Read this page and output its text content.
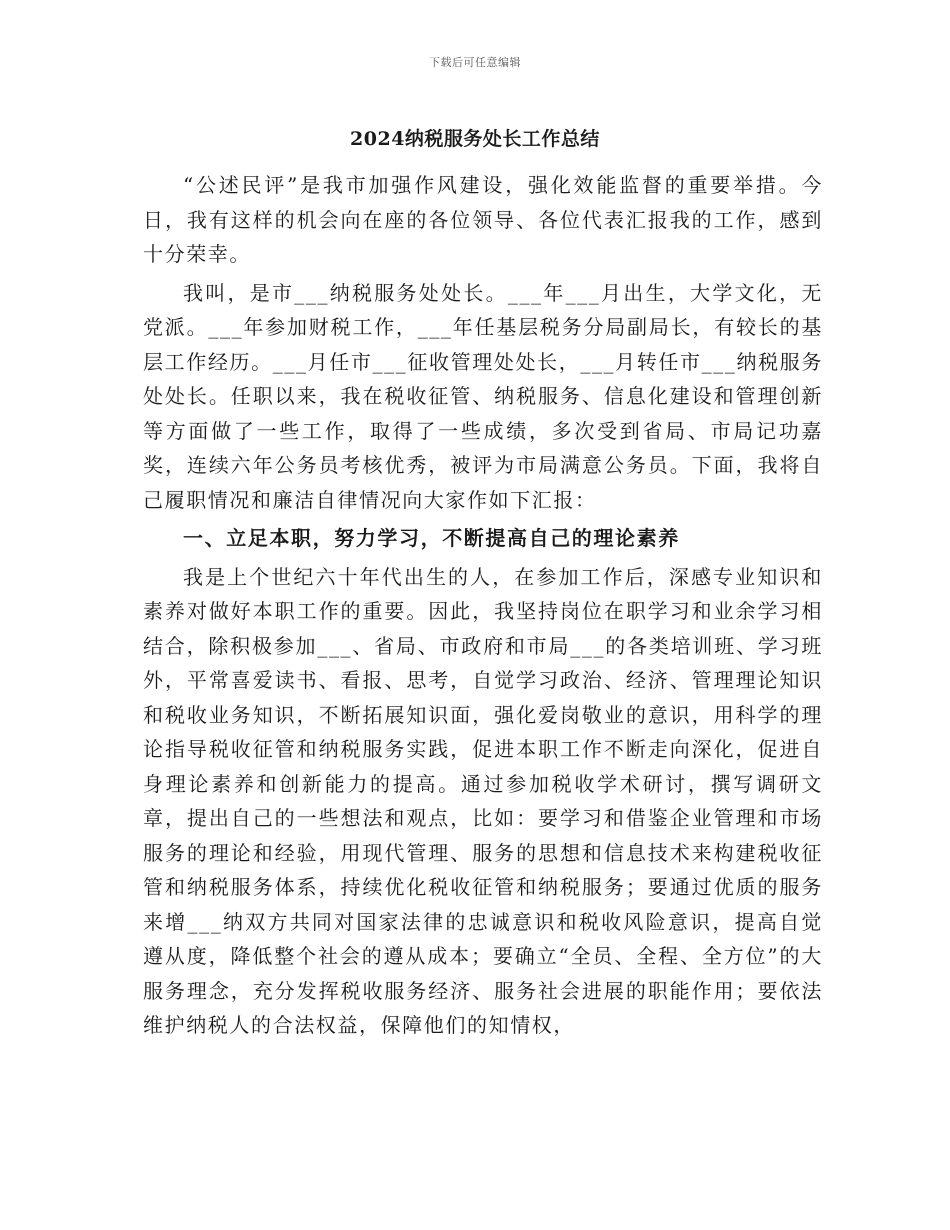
下载后可任意编辑
2024纳税服务处长工作总结

“公述民评”是我市加强作风建设，强化效能监督的重要举措。今日，我有这样的机会向在座的各位领导、各位代表汇报我的工作，感到十分荣幸。

我叫，是市___纳税服务处处长。___年___月出生，大学文化，无党派。___年参加财税工作，___年任基层税务分局副局长，有较长的基层工作经历。___月任市___征收管理处处长，___月转任市___纳税服务处处长。任职以来，我在税收征管、纳税服务、信息化建设和管理创新等方面做了一些工作，取得了一些成绩，多次受到省局、市局记功嘉奖，连续六年公务员考核优秀，被评为市局满意公务员。下面，我将自己履职情况和廉洁自律情况向大家作如下汇报：

一、立足本职，努力学习，不断提高自己的理论素养

我是上个世纪六十年代出生的人，在参加工作后，深感专业知识和素养对做好本职工作的重要。因此，我坚持岗位在职学习和业余学习相结合，除积极参加___、省局、市政府和市局___的各类培训班、学习班外，平常喜爱读书、看报、思考，自觉学习政治、经济、管理理论知识和税收业务知识，不断拓展知识面，强化爱岗敬业的意识，用科学的理论指导税收征管和纳税服务实践，促进本职工作不断走向深化，促进自身理论素养和创新能力的提高。通过参加税收学术研讨，撰写调研文章，提出自己的一些想法和观点，比如：要学习和借鉴企业管理和市场服务的理论和经验，用现代管理、服务的思想和信息技术来构建税收征管和纳税服务体系，持续优化税收征管和纳税服务；要通过优质的服务来增___纳双方共同对国家法律的忠诚意识和税收风险意识，提高自觉遵从度，降低整个社会的遵从成本；要确立“全员、全程、全方位”的大服务理念，充分发挥税收服务经济、服务社会进展的职能作用；要依法维护纳税人的合法权益，保障他们的知情权，
